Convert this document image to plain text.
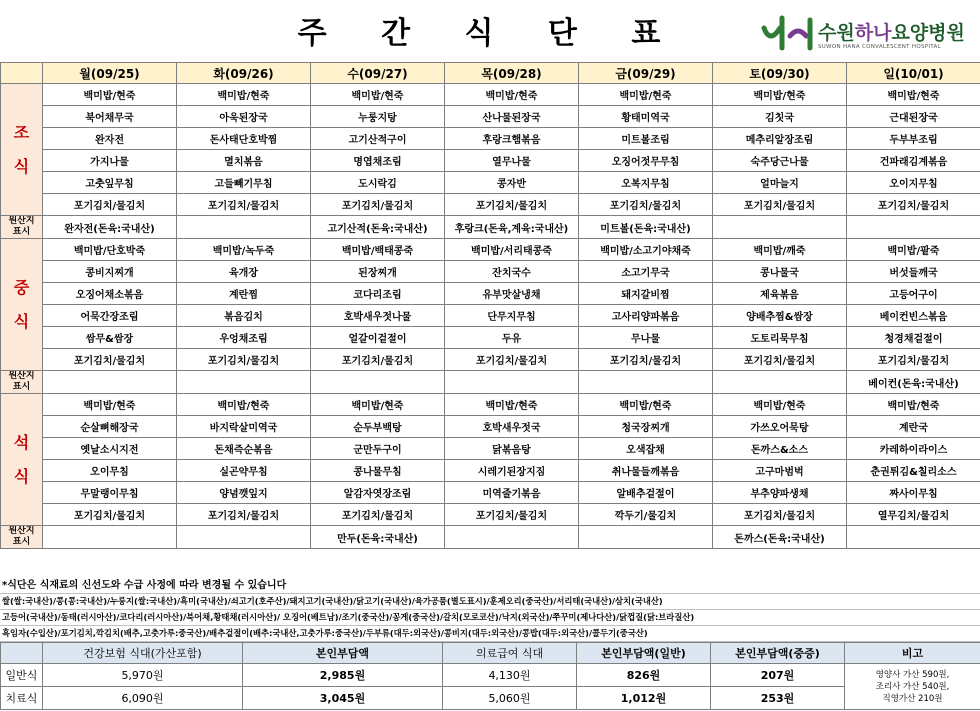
주 간 식 단 표	수원하나요양병원
SUWON HANA CONVALESCENT HOSPITAL
	월(09/25)	화(09/26)	수(09/27)	목(09/28)	금(09/29)	토(09/30)	일(10/01)

조
식	백미밥/현죽	백미밥/현죽	백미밥/현죽	백미밥/현죽	백미밥/현죽	백미밥/현죽	백미밥/현죽
	북어채무국	아욱된장국	누룽지탕	산나물된장국	황태미역국	김칫국	근대된장국
	완자전	돈사태단호박찜	고기산적구이	후랑크햄볶음	미트볼조림	메추리알장조림	두부부조림
	가지나물	멸치볶음	명엽채조림	열무나물	오징어젓무무침	숙주당근나물	건파래김계볶음
	고춧잎무침	고들빼기무침	도시락김	콩자반	오복지무침	얼마늘지	오이지무침
	포기김치/물김치	포기김치/물김치	포기김치/물김치	포기김치/물김치	포기김치/물김치	포기김치/물김치	포기김치/물김치

원산지
표시	완자전(돈육:국내산)		고기산적(돈육:국내산)	후랑크(돈육,계육:국내산)	미트볼(돈육:국내산)		

중
식	백미밥/단호박죽	백미밥/녹두죽	백미밥/백태콩죽	백미밥/서리태콩죽	백미밥/소고기야채죽	백미밥/깨죽	백미밥/팥죽
	콩비지찌개	육개장	된장찌개	잔치국수	소고기무국	콩나물국	버섯들깨국
	오징어채소볶음	계란찜	코다리조림	유부맛살냉채	돼지갈비찜	제육볶음	고등어구이
	어묵간장조림	볶음김치	호박새우젓나물	단무지무침	고사리양파볶음	양배추찜&쌈장	베이컨빈스볶음
	쌈무&쌈장	우엉채조림	얼갈이겉절이	두유	무나물	도토리묵무침	청경채겉절이
	포기김치/물김치	포기김치/물김치	포기김치/물김치	포기김치/물김치	포기김치/물김치	포기김치/물김치	포기김치/물김치

원산지
표시							베이컨(돈육:국내산)

석
식	백미밥/현죽	백미밥/현죽	백미밥/현죽	백미밥/현죽	백미밥/현죽	백미밥/현죽	백미밥/현죽
	순살뼈해장국	바지락살미역국	순두부백탕	호박새우젓국	청국장찌개	가쓰오어묵탕	계란국
	옛날소시지전	돈채즉순볶음	군만두구이	닭볶음탕	오색잡채	돈까스&소스	카레하이라이스
	오이무침	실곤약무침	콩나물무침	시레기된장지짐	취나물들깨볶음	고구마범벅	춘권튀김&칠리소스
	무말랭이무침	양념깻잎지	알감자엿장조림	미역줄기볶음	알배추겉절이	부추양파생채	짜사이무침
	포기김치/물김치	포기김치/물김치	포기김치/물김치	포기김치/물김치	깍두기/물김치	포기김치/물김치	열무김치/물김치

원산지
표시			만두(돈육:국내산)			돈까스(돈육:국내산)	
*식단은 식재료의 신선도와 수급 사정에 따라 변경될 수 있습니다
쌀(쌀:국내산)/콩(콩:국내산)/누룽지(쌀:국내산)/흑미(국내산)/쇠고기(호주산)/돼지고기(국내산)/닭고기(국내산)/육가공품(별도표시)/훈제오리(중국산)/서리태(국내산)/삼치(국내산)
고등어(국내산)/동태(러시아산)/코다리(러시아산)/북어채,황태채(러시아산)/ 오징어(베트남)/조기(중국산)/꽁게(중국산)/갈치(모로코산)/낙지(외국산)/쭈꾸미(제나다산)/닭껍질(닭:브라질산)
흑임자(수입산)/포기김치,깍김치(배추,고춧가루:중국산)/배추겉절이(배추:국내산,고춧가루:중국산)/두부류(대두:외국산)/콩비지(대두:외국산)/콩밥(대두:외국산)/콜두기(중국산)
	건강보험 식대(가산포함)	본인부담액	의료급여 식대	본인부담액(일반)	본인부담액(중증)	비고
일반식	5,970원	2,985원	4,130원	826원	207원	영양사 가산 590원,
조리사 가산 540원,
직영가산 210원

치료식	6,090원	3,045원	5,060원	1,012원	253원	
